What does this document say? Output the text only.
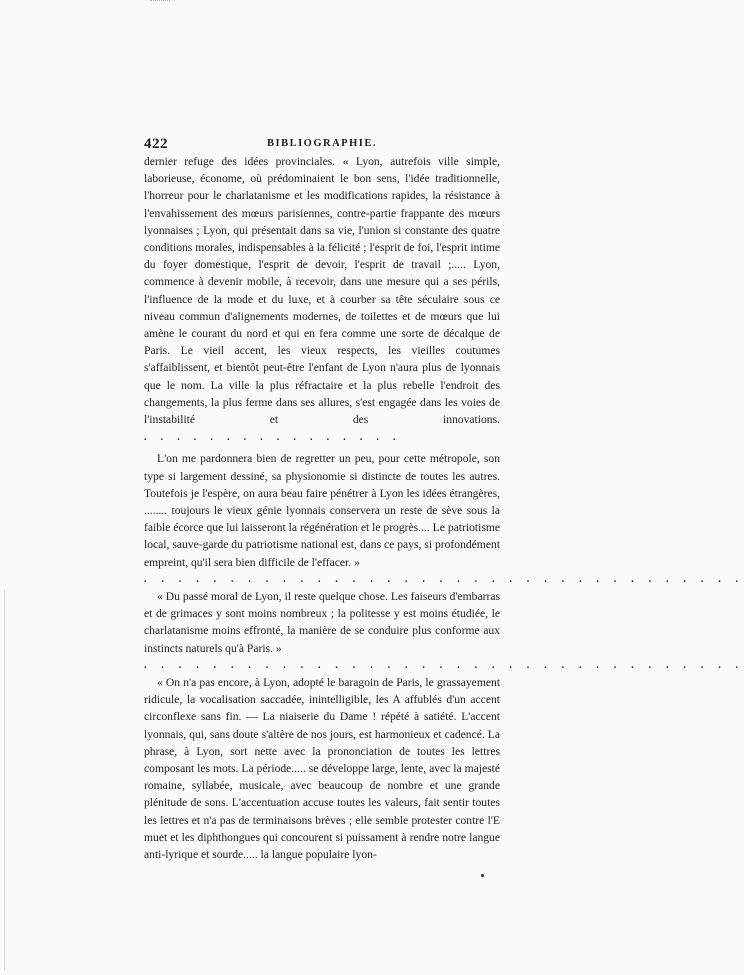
422	BIBLIOGRAPHIE.

dernier refuge des idées provinciales. « Lyon, autrefois ville simple, laborieuse, économe, où prédominaient le bon sens, l'idée traditionnelle, l'horreur pour le charlatanisme et les modifications rapides, la résistance à l'envahissement des mœurs parisiennes, contre-partie frappante des mœurs lyonnaises ; Lyon, qui présentait dans sa vie, l'union si constante des quatre conditions morales, indispensables à la félicité ; l'esprit de foi, l'esprit intime du foyer domestique, l'esprit de devoir, l'esprit de travail ;..... Lyon, commence à devenir mobile, à recevoir, dans une mesure qui a ses périls, l'influence de la mode et du luxe, et à courber sa tête séculaire sous ce niveau commun d'alignements modernes, de toilettes et de mœurs que lui amène le courant du nord et qui en fera comme une sorte de décalque de Paris. Le vieil accent, les vieux respects, les vieilles coutumes s'affaiblissent, et bientôt peut-être l'enfant de Lyon n'aura plus de lyonnais que le nom. La ville la plus réfractaire et la plus rebelle l'endroit des changements, la plus ferme dans ses allures, s'est engagée dans les voies de l'instabilité et des innovations. . . . . . . . . . . . . . . . .

L'on me pardonnera bien de regretter un peu, pour cette métropole, son type si largement dessiné, sa physionomie si distincte de toutes les autres. Toutefois je l'espère, on aura beau faire pénétrer à Lyon les idées étrangères, ........ toujours le vieux génie lyonnais conservera un reste de sève sous la faible écorce que lui laisseront la régénération et le progrès.... Le patriotisme local, sauve-garde du patriotisme national est, dans ce pays, si profondément empreint, qu'il sera bien difficile de l'effacer. »

. . . . . . . . . . . . . . . . . . . . . . . . . . . . . . . . . . .

« Du passé moral de Lyon, il reste quelque chose. Les faiseurs d'embarras et de grimaces y sont moins nombreux ; la politesse y est moins étudiée, le charlatanisme moins effronté, la manière de se conduire plus conforme aux instincts naturels qu'à Paris. »

. . . . . . . . . . . . . . . . . . . . . . . . . . . . . . . . . . .

« On n'a pas encore, à Lyon, adopté le baragoin de Paris, le grassayement ridicule, la vocalisation saccadée, inintelligible, les A affublés d'un accent circonflexe sans fin. — La niaiserie du Dame ! répété à satiété. L'accent lyonnais, qui, sans doute s'altère de nos jours, est harmonieux et cadencé. La phrase, à Lyon, sort nette avec la prononciation de toutes les lettres composant les mots. La période..... se développe large, lente, avec la majesté romaine, syllabée, musicale, avec beaucoup de nombre et une grande plénitude de sons. L'accentuation accuse toutes les valeurs, fait sentir toutes les lettres et n'a pas de terminaisons brèves ; elle semble protester contre l'E muet et les diphthongues qui concourent si puissament à rendre notre langue anti-lyrique et sourde..... la langue populaire lyon-
